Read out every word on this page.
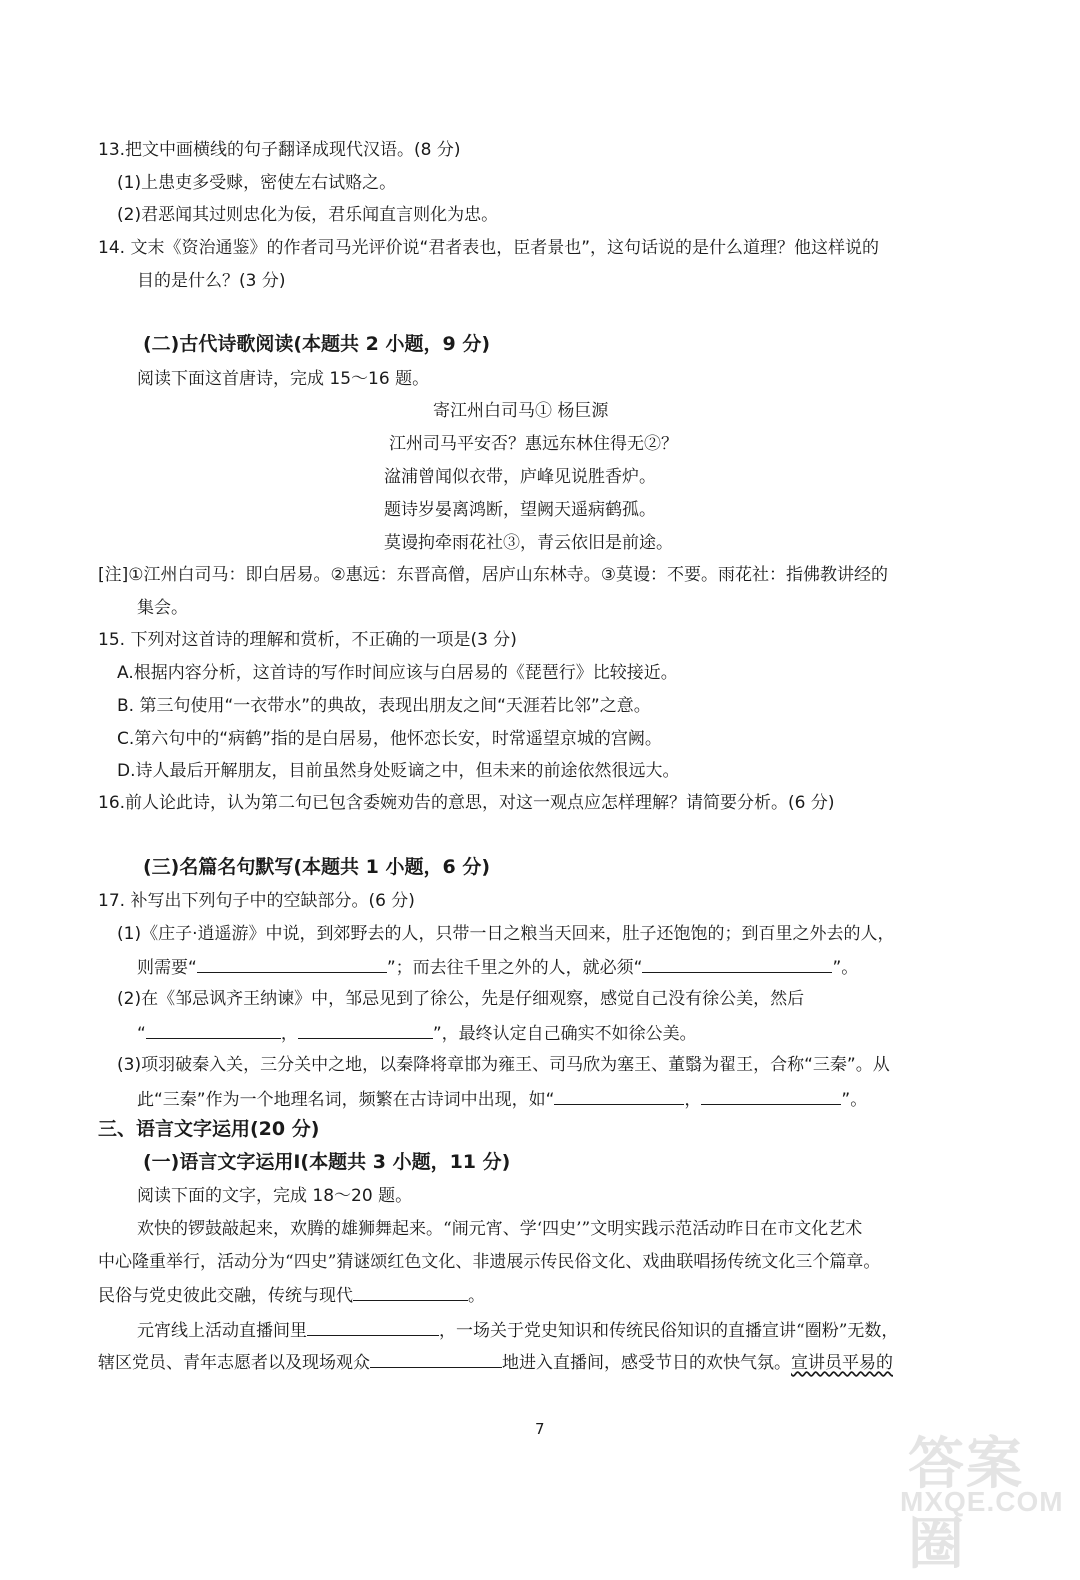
13.把文中画横线的句子翻译成现代汉语。(8 分)
(1)上患吏多受赇，密使左右试赂之。
(2)君恶闻其过则忠化为佞，君乐闻直言则化为忠。
14. 文末《资治通鉴》的作者司马光评价说“君者表也，臣者景也”，这句话说的是什么道理？他这样说的
目的是什么？(3 分)
(二)古代诗歌阅读(本题共 2 小题，9 分)
阅读下面这首唐诗，完成 15～16 题。
寄江州白司马① 杨巨源
江州司马平安否？惠远东林住得无②？
湓浦曾闻似衣带，庐峰见说胜香炉。
题诗岁晏离鸿断，望阙天遥病鹤孤。
莫谩拘牵雨花社③，青云依旧是前途。
[注]①江州白司马：即白居易。②惠远：东晋高僧，居庐山东林寺。③莫谩：不要。雨花社：指佛教讲经的
集会。
15. 下列对这首诗的理解和赏析，不正确的一项是(3 分)
A.根据内容分析，这首诗的写作时间应该与白居易的《琵琶行》比较接近。
B. 第三句使用“一衣带水”的典故，表现出朋友之间“天涯若比邻”之意。
C.第六句中的“病鹤”指的是白居易，他怀恋长安，时常遥望京城的宫阙。
D.诗人最后开解朋友，目前虽然身处贬谪之中，但未来的前途依然很远大。
16.前人论此诗，认为第二句已包含委婉劝告的意思，对这一观点应怎样理解？请简要分析。(6 分)
(三)名篇名句默写(本题共 1 小题，6 分)
17. 补写出下列句子中的空缺部分。(6 分)
(1)《庄子·逍遥游》中说，到郊野去的人，只带一日之粮当天回来，肚子还饱饱的；到百里之外去的人，
则需要“	”；而去往千里之外的人，就必须“	”。
(2)在《邹忌讽齐王纳谏》中，邹忌见到了徐公，先是仔细观察，感觉自己没有徐公美，然后
“	，	”，最终认定自己确实不如徐公美。
(3)项羽破秦入关，三分关中之地，以秦降将章邯为雍王、司马欣为塞王、董翳为翟王，合称“三秦”。从
此“三秦”作为一个地理名词，频繁在古诗词中出现，如“	，	”。
三、语言文字运用(20 分)
(一)语言文字运用Ⅰ(本题共 3 小题，11 分)
阅读下面的文字，完成 18～20 题。
欢快的锣鼓敲起来，欢腾的雄狮舞起来。“闹元宵、学‘四史’”文明实践示范活动昨日在市文化艺术
中心隆重举行，活动分为“四史”猜谜颂红色文化、非遗展示传民俗文化、戏曲联唱扬传统文化三个篇章。
民俗与党史彼此交融，传统与现代	。
元宵线上活动直播间里	，一场关于党史知识和传统民俗知识的直播宣讲“圈粉”无数，
辖区党员、青年志愿者以及现场观众	地进入直播间，感受节日的欢快气氛。宣讲员平易的
7
答案圈
MXQE.COM
